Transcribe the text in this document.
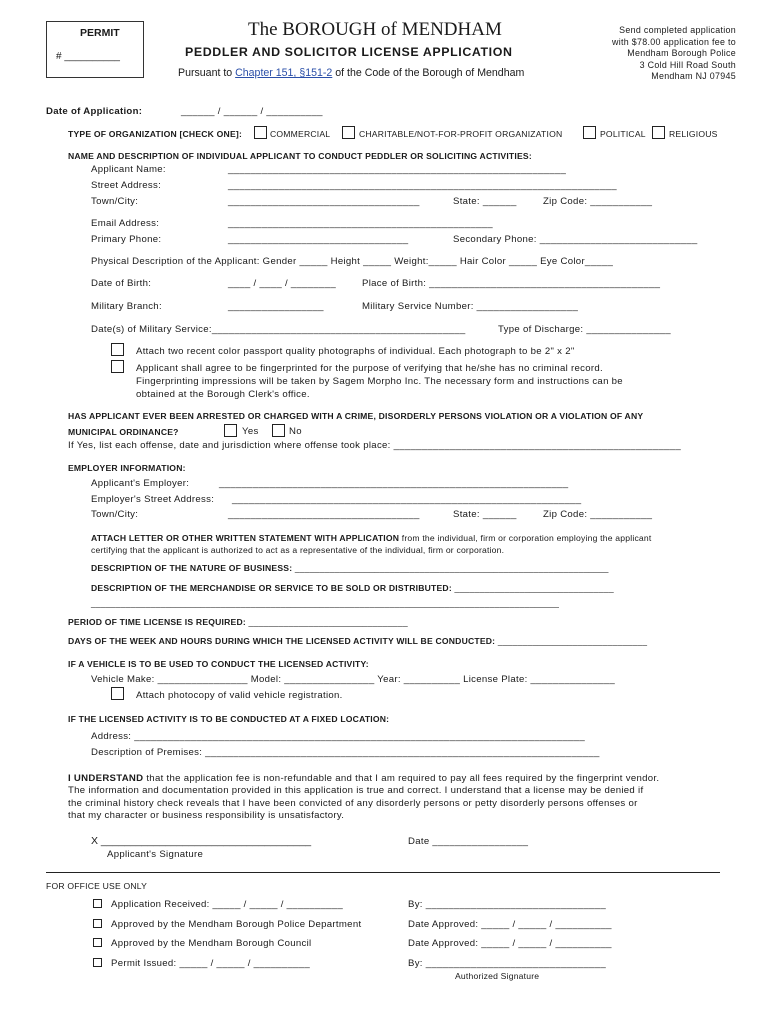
PERMIT
# __________
The BOROUGH of MENDHAM
PEDDLER AND SOLICITOR LICENSE APPLICATION
Pursuant to Chapter 151, §151-2 of the Code of the Borough of Mendham
Send completed application
with $78.00 application fee to
Mendham Borough Police
3 Cold Hill Road South
Mendham NJ 07945
Date of Application:	______ / ______ / __________
TYPE OF ORGANIZATION [CHECK ONE]:	COMMERCIAL	CHARITABLE/NOT-FOR-PROFIT ORGANIZATION	POLITICAL	RELIGIOUS
NAME AND DESCRIPTION OF INDIVIDUAL APPLICANT TO CONDUCT PEDDLER OR SOLICITING ACTIVITIES:
Applicant Name:	____________________________________________________________
Street Address:	_____________________________________________________________________
Town/City:	__________________________________	State: ______	Zip Code: ___________
Email Address:	_______________________________________________
Primary Phone:	________________________________	Secondary Phone: ____________________________
Physical Description of the Applicant: Gender _____ Height _____ Weight:_____ Hair Color _____ Eye Color_____
Date of Birth:	____ / ____ / ________	Place of Birth: _________________________________________
Military Branch:	_________________	Military Service Number: __________________
Date(s) of Military Service:_____________________________________________	Type of Discharge: _______________
Attach two recent color passport quality photographs of individual. Each photograph to be 2" x 2"
Applicant shall agree to be fingerprinted for the purpose of verifying that he/she has no criminal record.
Fingerprinting impressions will be taken by Sagem Morpho Inc. The necessary form and instructions can be
obtained at the Borough Clerk's office.
HAS APPLICANT EVER BEEN ARRESTED OR CHARGED WITH A CRIME, DISORDERLY PERSONS VIOLATION OR A VIOLATION OF ANY
MUNICIPAL ORDINANCE?	Yes	No
If Yes, list each offense, date and jurisdiction where offense took place: ___________________________________________________
EMPLOYER INFORMATION:
Applicant's Employer:	______________________________________________________________
Employer's Street Address: ______________________________________________________________
Town/City:	__________________________________	State: ______	Zip Code: ___________
ATTACH LETTER OR OTHER WRITTEN STATEMENT WITH APPLICATION from the individual, firm or corporation employing the applicant
certifying that the applicant is authorized to act as a representative of the individual, firm or corporation.
DESCRIPTION OF THE NATURE OF BUSINESS: _______________________________________________________________
DESCRIPTION OF THE MERCHANDISE OR SERVICE TO BE SOLD OR DISTRIBUTED: ________________________________
______________________________________________________________________________________________
PERIOD OF TIME LICENSE IS REQUIRED: ________________________________
DAYS OF THE WEEK AND HOURS DURING WHICH THE LICENSED ACTIVITY WILL BE CONDUCTED: ______________________________
IF A VEHICLE IS TO BE USED TO CONDUCT THE LICENSED ACTIVITY:
Vehicle Make: ________________ Model: ________________ Year: __________ License Plate: _______________
Attach photocopy of valid vehicle registration.
IF THE LICENSED ACTIVITY IS TO BE CONDUCTED AT A FIXED LOCATION:
Address: ________________________________________________________________________________
Description of Premises: ______________________________________________________________________
I UNDERSTAND that the application fee is non-refundable and that I am required to pay all fees required by the fingerprint vendor.
The information and documentation provided in this application is true and correct. I understand that a license may be denied if
the criminal history check reveals that I have been convicted of any disorderly persons or petty disorderly persons offenses or
that my character or business responsibility is unsatisfactory.
X ____________________________________	Date _________________
Applicant's Signature
FOR OFFICE USE ONLY
Application Received: _____ / _____ / __________	By: ________________________________
Approved by the Mendham Borough Police Department	Date Approved: _____ / _____ / __________
Approved by the Mendham Borough Council	Date Approved: _____ / _____ / __________
Permit Issued: _____ / _____ / __________	By: ________________________________
Authorized Signature
